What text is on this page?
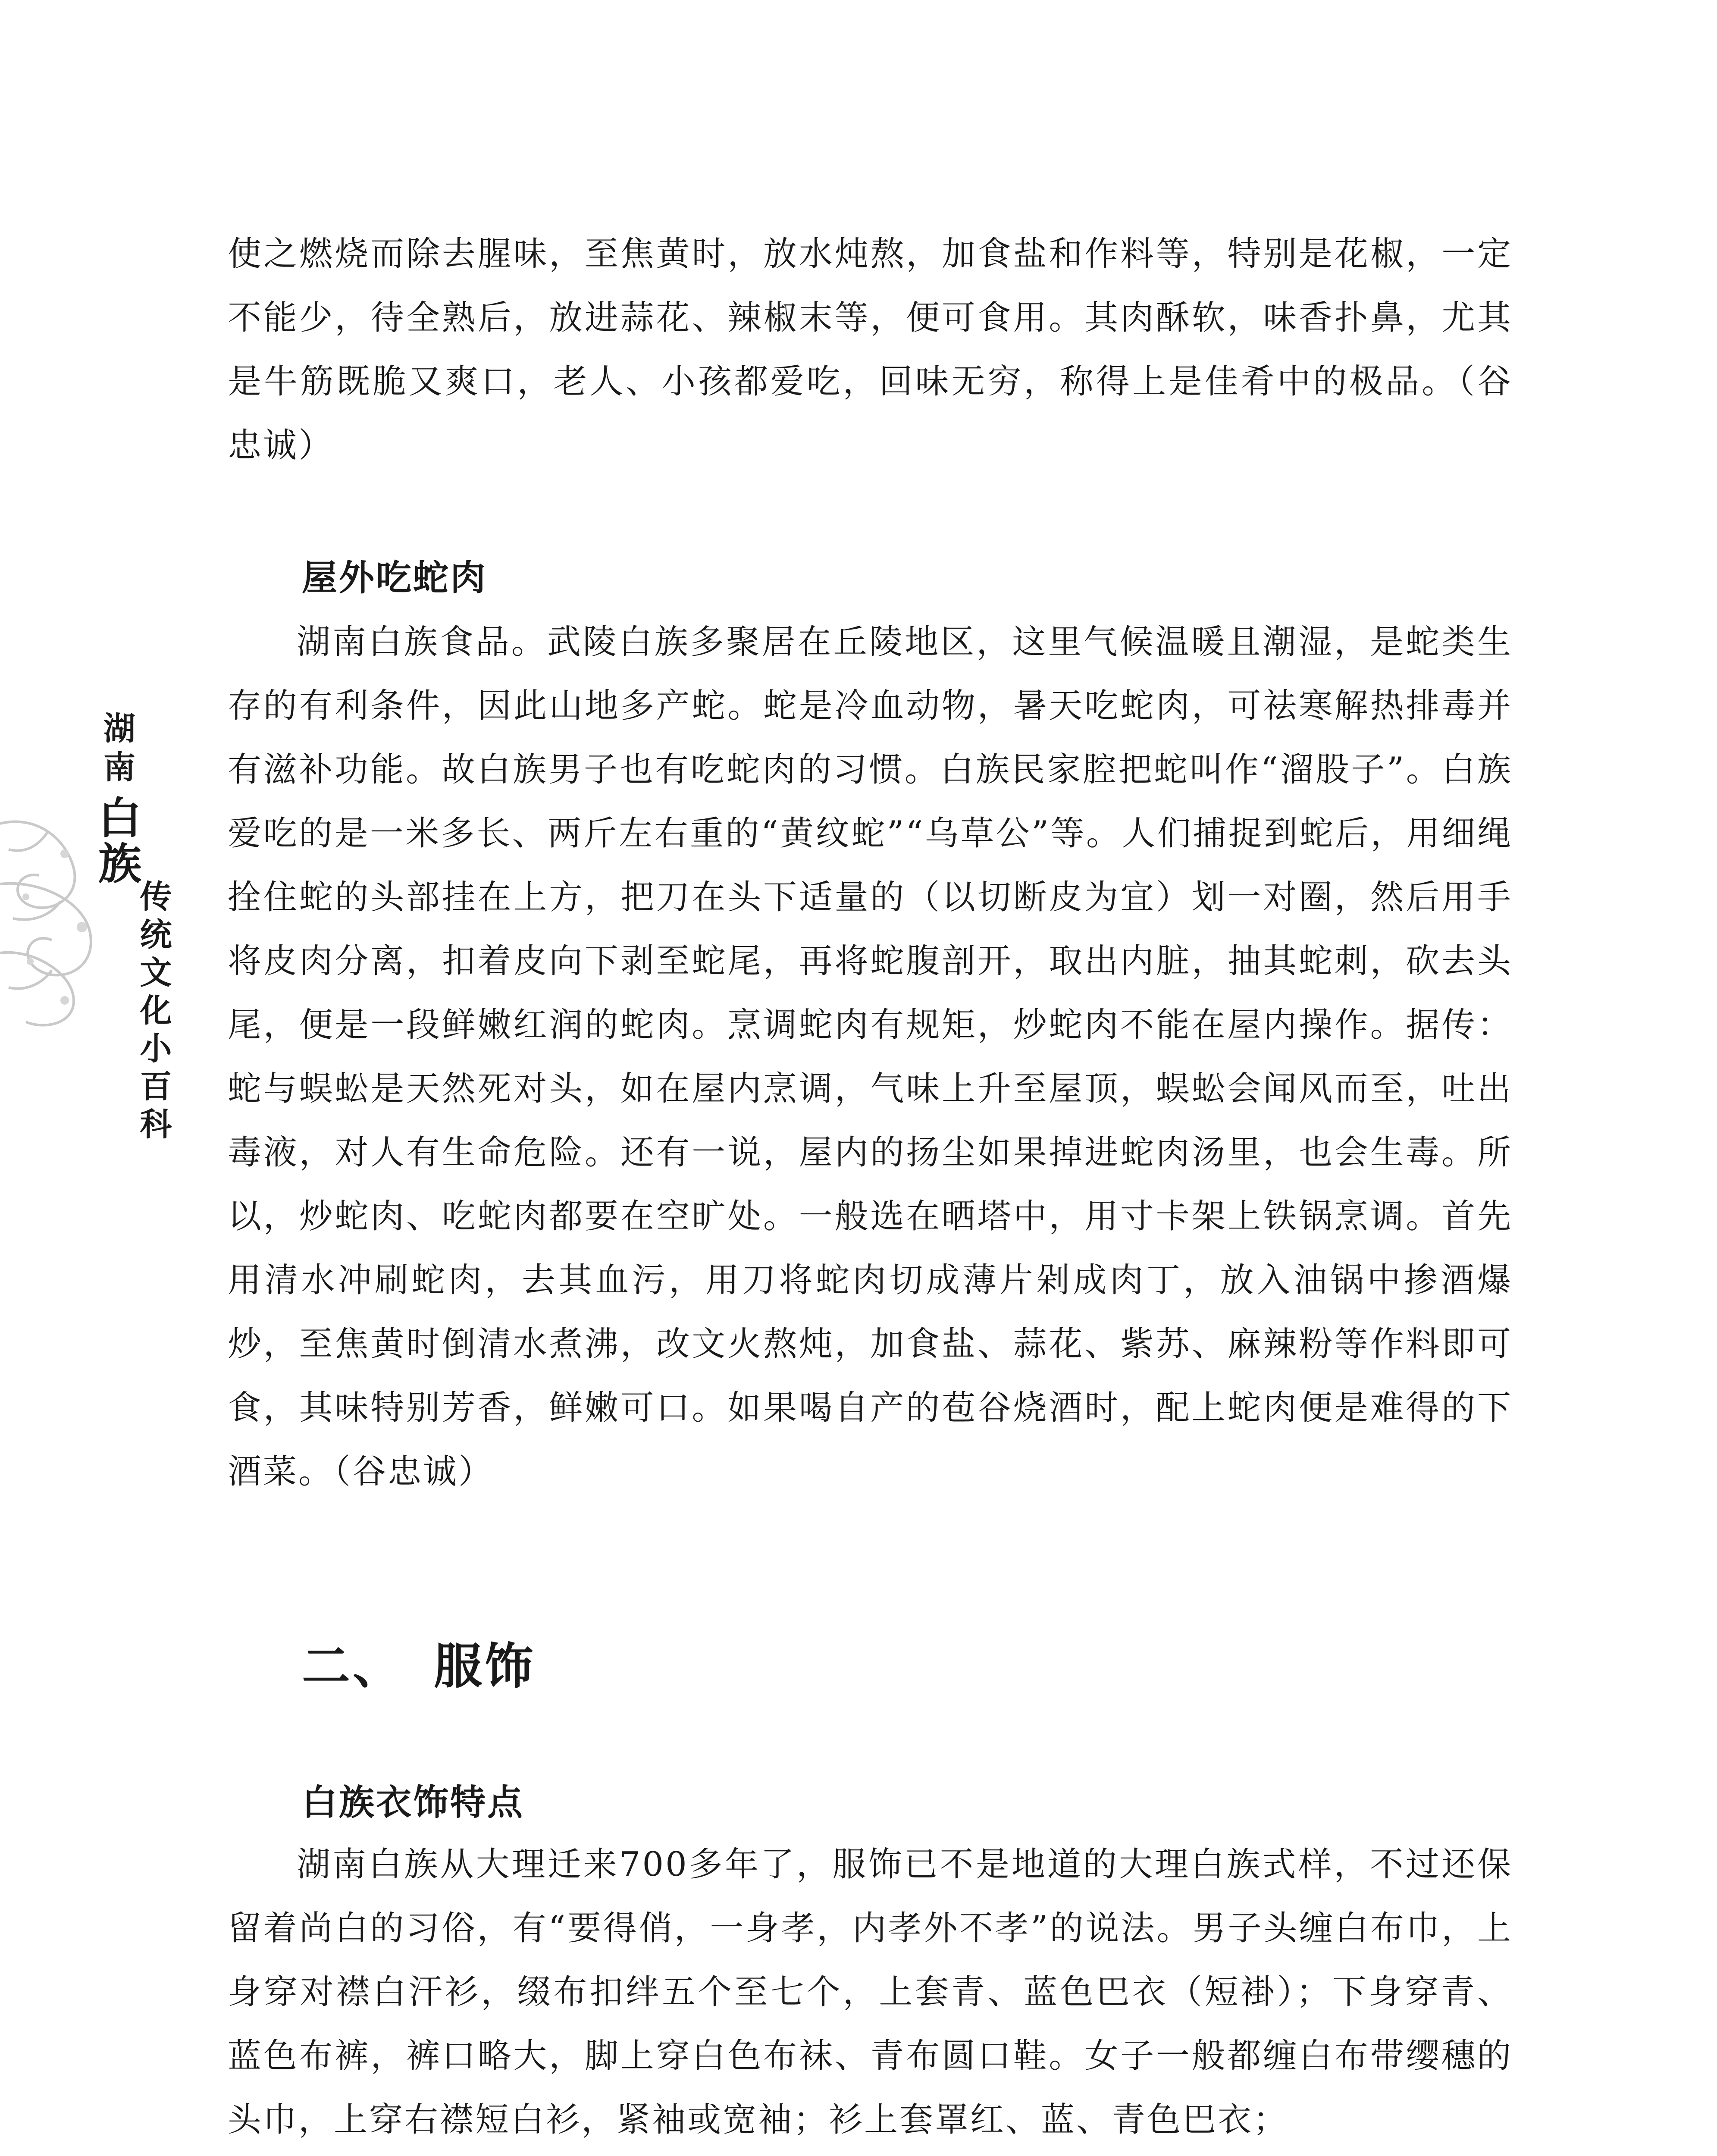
湖南
白族
传统文化小百科

使之燃烧而除去腥味，至焦黄时，放水炖熬，加食盐和作料等，特别是花椒，一定不能少，待全熟后，放进蒜花、辣椒末等，便可食用。其肉酥软，味香扑鼻，尤其是牛筋既脆又爽口，老人、小孩都爱吃，回味无穷，称得上是佳肴中的极品。（谷忠诚）

屋外吃蛇肉

湖南白族食品。武陵白族多聚居在丘陵地区，这里气候温暖且潮湿，是蛇类生存的有利条件，因此山地多产蛇。蛇是冷血动物，暑天吃蛇肉，可祛寒解热排毒并有滋补功能。故白族男子也有吃蛇肉的习惯。白族民家腔把蛇叫作“溜股子”。白族爱吃的是一米多长、两斤左右重的“黄纹蛇”“乌草公”等。人们捕捉到蛇后，用细绳拴住蛇的头部挂在上方，把刀在头下适量的（以切断皮为宜）划一对圈，然后用手将皮肉分离，扣着皮向下剥至蛇尾，再将蛇腹剖开，取出内脏，抽其蛇刺，砍去头尾，便是一段鲜嫩红润的蛇肉。烹调蛇肉有规矩，炒蛇肉不能在屋内操作。据传：蛇与蜈蚣是天然死对头，如在屋内烹调，气味上升至屋顶，蜈蚣会闻风而至，吐出毒液，对人有生命危险。还有一说，屋内的扬尘如果掉进蛇肉汤里，也会生毒。所以，炒蛇肉、吃蛇肉都要在空旷处。一般选在晒塔中，用寸卡架上铁锅烹调。首先用清水冲刷蛇肉，去其血污，用刀将蛇肉切成薄片剁成肉丁，放入油锅中掺酒爆炒，至焦黄时倒清水煮沸，改文火熬炖，加食盐、蒜花、紫苏、麻辣粉等作料即可食，其味特别芳香，鲜嫩可口。如果喝自产的苞谷烧酒时，配上蛇肉便是难得的下酒菜。（谷忠诚）

二、 服饰
白族衣饰特点

湖南白族从大理迁来700多年了，服饰已不是地道的大理白族式样，不过还保留着尚白的习俗，有“要得俏，一身孝，内孝外不孝”的说法。男子头缠白布巾，上身穿对襟白汗衫，缀布扣绊五个至七个，上套青、蓝色巴衣（短褂）；下身穿青、蓝色布裤，裤口略大，脚上穿白色布袜、青布圆口鞋。女子一般都缠白布带缨穗的头巾，上穿右襟短白衫，紧袖或宽袖；衫上套罩红、蓝、青色巴衣；
